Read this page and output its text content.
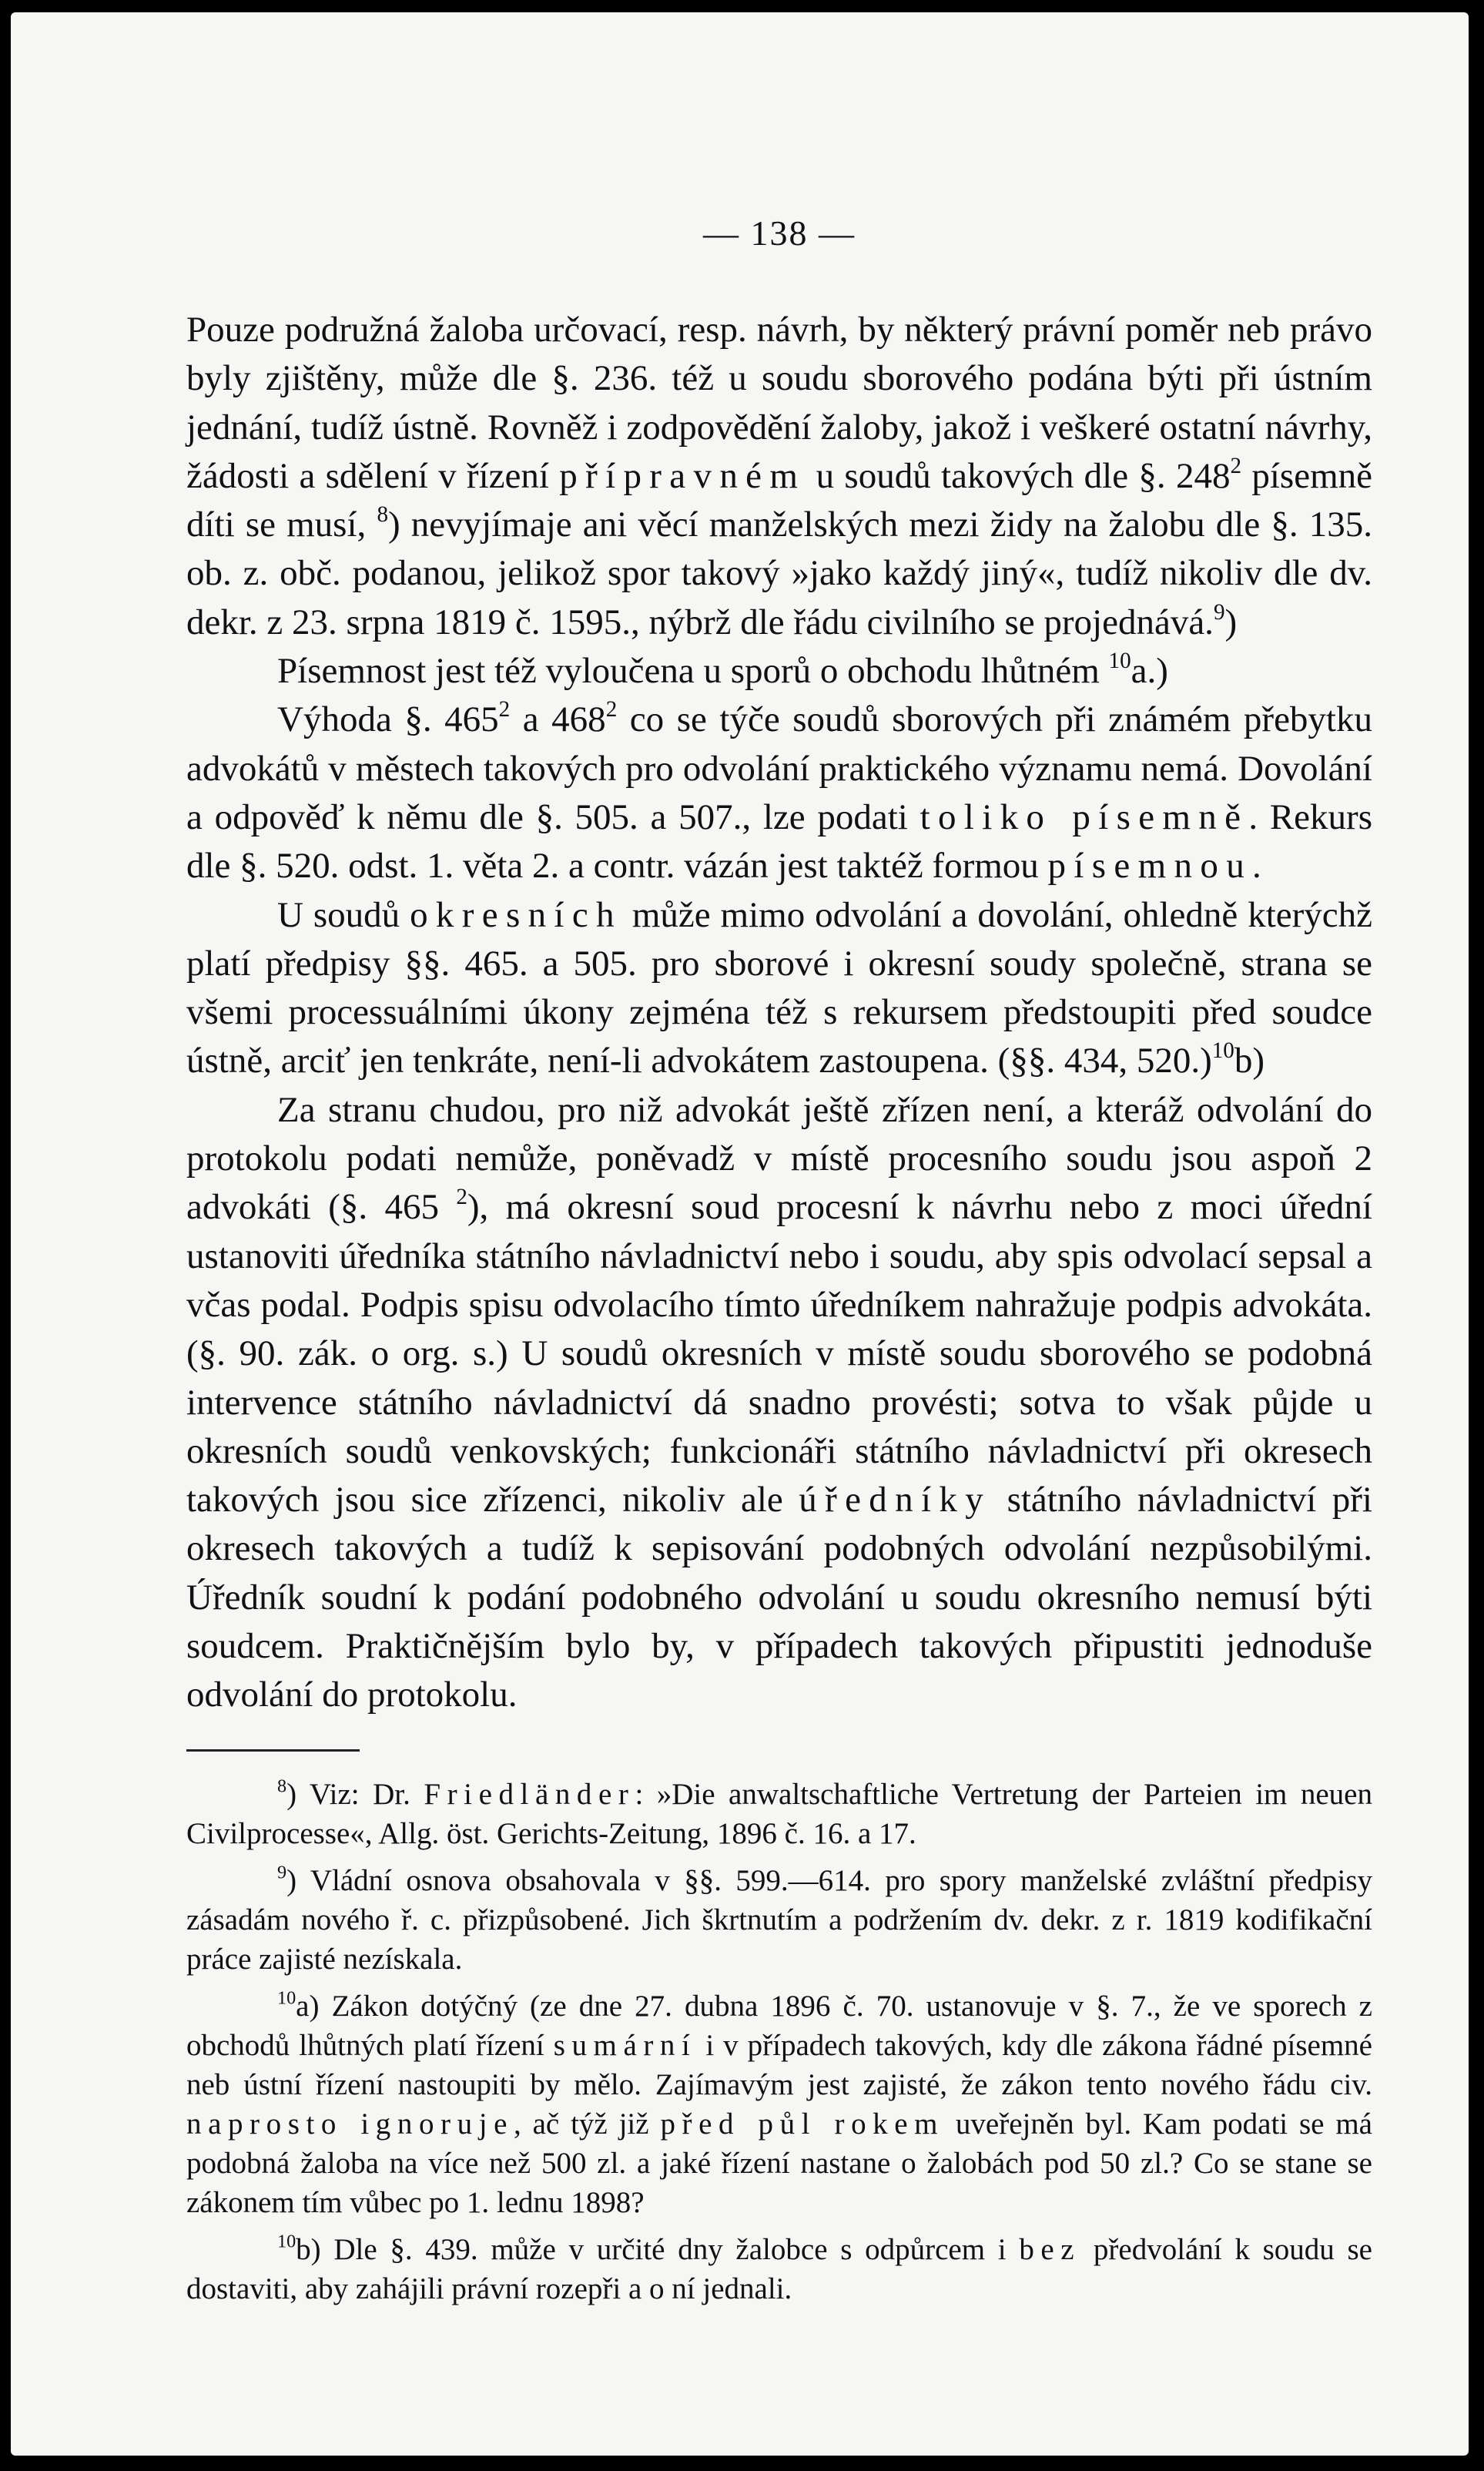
— 138 —

Pouze podružná žaloba určovací, resp. návrh, by některý právní poměr neb právo byly zjištěny, může dle §. 236. též u soudu sborového podána býti při ústním jednání, tudíž ústně. Rovněž i zodpovědění žaloby, jakož i veškeré ostatní návrhy, žádosti a sdělení v řízení přípravném u soudů takových dle §. $248^2$ písemně díti se musí, $^8$) nevyjímaje ani věcí manželských mezi židy na žalobu dle §. 135. ob. z. obč. podanou, jelikož spor takový »jako každý jiný«, tudíž nikoliv dle dv. dekr. z 23. srpna 1819 č. 1595., nýbrž dle řádu civilního se projednává.$^9$)

Písemnost jest též vyloučena u sporů o obchodu lhůtném $^{10}$a.)

Výhoda §. $465^2$ a $468^2$ co se týče soudů sborových při známém přebytku advokátů v městech takových pro odvolání praktického významu nemá. Dovolání a odpověď k němu dle §. 505. a 507., lze podati toliko písemně. Rekurs dle §. 520. odst. 1. věta 2. a contr. vázán jest taktéž formou písemnou.

U soudů okresních může mimo odvolání a dovolání, ohledně kterýchž platí předpisy §§. 465. a 505. pro sborové i okresní soudy společně, strana se všemi processuálními úkony zejména též s rekursem předstoupiti před soudce ústně, arciť jen tenkráte, není-li advokátem zastoupena. (§§. 434, 520.)$^{10}$b)

Za stranu chudou, pro niž advokát ještě zřízen není, a kteráž odvolání do protokolu podati nemůže, poněvadž v místě procesního soudu jsou aspoň 2 advokáti (§. 465 $^2$), má okresní soud procesní k návrhu nebo z moci úřední ustanoviti úředníka státního návladnictví nebo i soudu, aby spis odvolací sepsal a včas podal. Podpis spisu odvolacího tímto úředníkem nahražuje podpis advokáta. (§. 90. zák. o org. s.) U soudů okresních v místě soudu sborového se podobná intervence státního návladnictví dá snadno provésti; sotva to však půjde u okresních soudů venkovských; funkcionáři státního návladnictví při okresech takových jsou sice zřízenci, nikoliv ale úředníky státního návladnictví při okresech takových a tudíž k sepisování podobných odvolání nezpůsobilými. Úředník soudní k podání podobného odvolání u soudu okresního nemusí býti soudcem. Praktičnějším bylo by, v případech takových připustiti jednoduše odvolání do protokolu.

$^8$) Viz: Dr. Friedländer: »Die anwaltschaftliche Vertretung der Parteien im neuen Civilprocesse«, Allg. öst. Gerichts-Zeitung, 1896 č. 16. a 17.

$^9$) Vládní osnova obsahovala v §§. 599.—614. pro spory manželské zvláštní předpisy zásadám nového ř. c. přizpůsobené. Jich škrtnutím a podržením dv. dekr. z r. 1819 kodifikační práce zajisté nezískala.

$^{10}$a) Zákon dotýčný (ze dne 27. dubna 1896 č. 70. ustanovuje v §. 7., že ve sporech z obchodů lhůtných platí řízení sumární i v případech takových, kdy dle zákona řádné písemné neb ústní řízení nastoupiti by mělo. Zajímavým jest zajisté, že zákon tento nového řádu civ. naprosto ignoruje, ač týž již před půl rokem uveřejněn byl. Kam podati se má podobná žaloba na více než 500 zl. a jaké řízení nastane o žalobách pod 50 zl.? Co se stane se zákonem tím vůbec po 1. lednu 1898?

$^{10}$b) Dle §. 439. může v určité dny žalobce s odpůrcem i bez předvolání k soudu se dostaviti, aby zahájili právní rozepři a o ní jednali.
